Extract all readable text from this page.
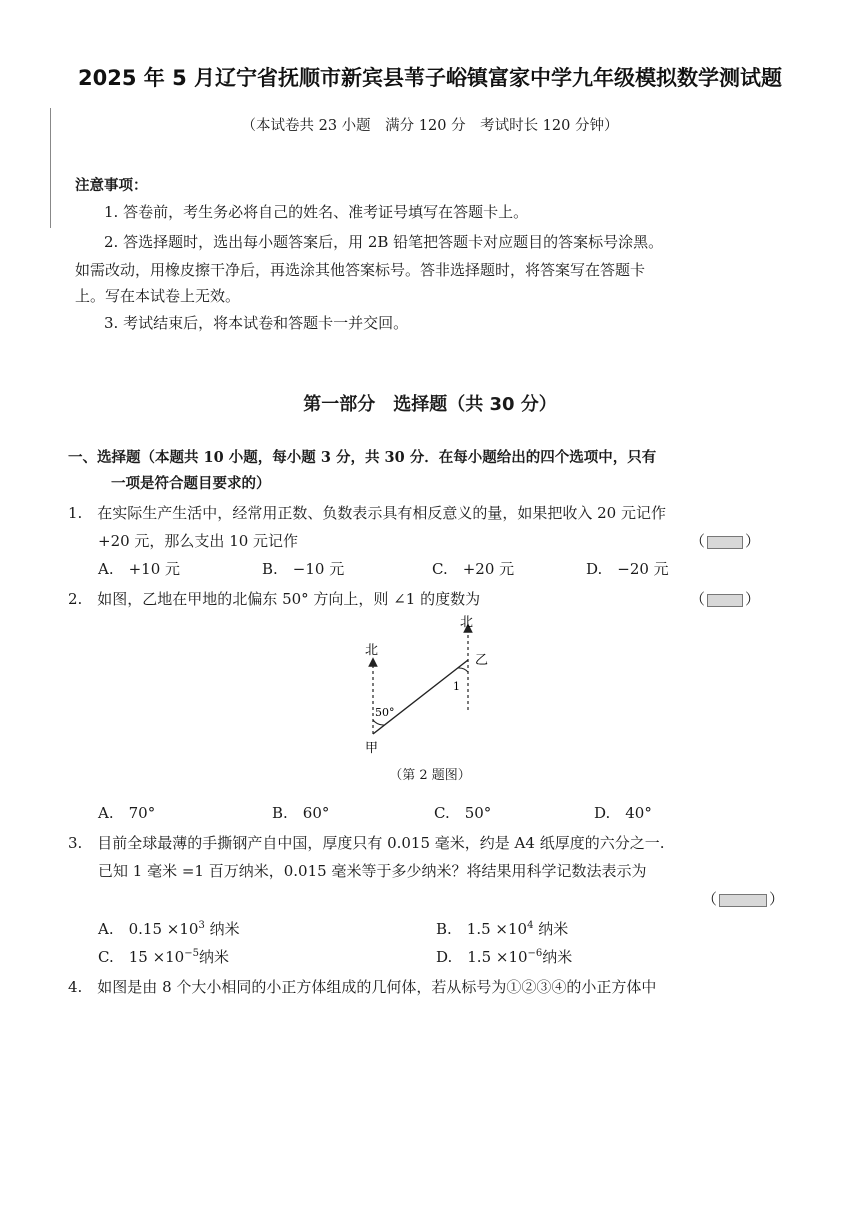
2025 年 5 月辽宁省抚顺市新宾县苇子峪镇富家中学九年级模拟数学测试题
（本试卷共 23 小题　满分 120 分　考试时长 120 分钟）
注意事项：
1. 答卷前，考生务必将自己的姓名、准考证号填写在答题卡上。
2. 答选择题时，选出每小题答案后，用 2B 铅笔把答题卡对应题目的答案标号涂黑。
如需改动，用橡皮擦干净后，再选涂其他答案标号。答非选择题时，将答案写在答题卡
上。写在本试卷上无效。
3. 考试结束后，将本试卷和答题卡一并交回。
第一部分　选择题（共 30 分）
一、选择题（本题共 10 小题，每小题 3 分，共 30 分．在每小题给出的四个选项中，只有
一项是符合题目要求的）
1.　在实际生产生活中，经常用正数、负数表示具有相反意义的量，如果把收入 20 元记作
+20 元，那么支出 10 元记作	（	）
A.　+10 元	B.　−10 元	C.　+20 元	D.　−20 元
2.　如图，乙地在甲地的北偏东 50° 方向上，则 ∠1 的度数为	（	）
北
北
乙
甲
50°
1
（第 2 题图）
A.　70°	B.　60°	C.　50°	D.　40°
3.　目前全球最薄的手撕钢产自中国，厚度只有 0.015 毫米，约是 A4 纸厚度的六分之一.
已知 1 毫米 =1 百万纳米，0.015 毫米等于多少纳米？将结果用科学记数法表示为
（	）
A.　$0.15 \times 10^3$ 纳米	B.　$1.5 \times 10^4$ 纳米
C.　$15 \times 10^{-5}$纳米	D.　$1.5 \times 10^{-6}$纳米
4.　如图是由 8 个大小相同的小正方体组成的几何体，若从标号为①②③④的小正方体中
